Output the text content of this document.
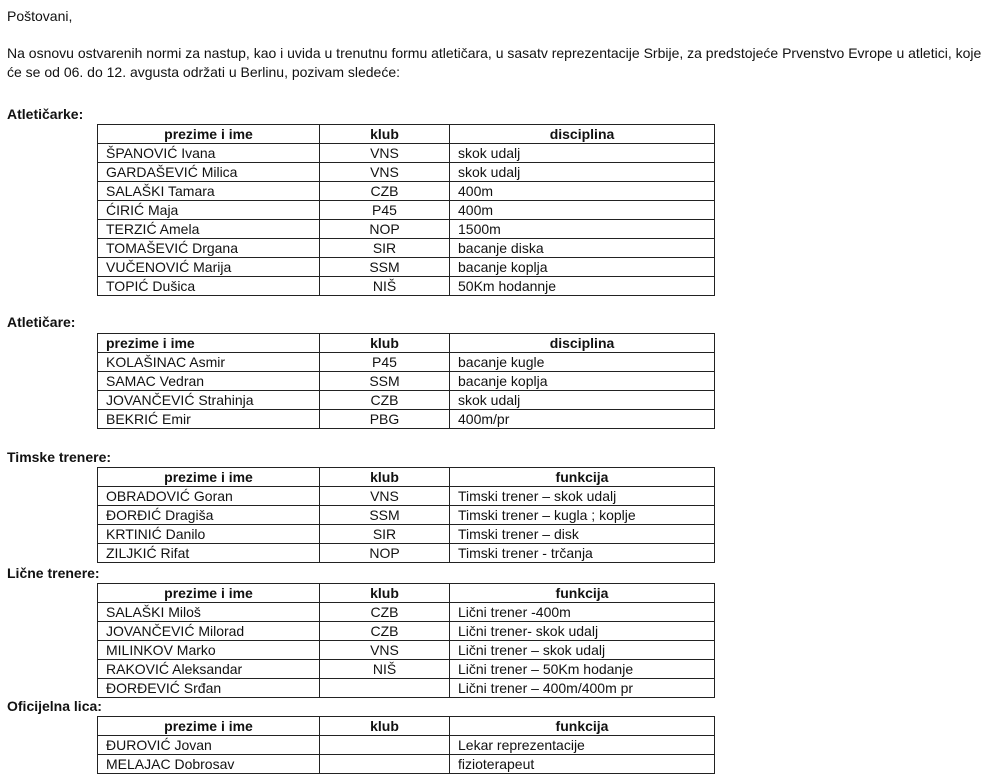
Poštovani,
Na osnovu ostvarenih normi za nastup, kao i uvida u trenutnu formu atletičara, u sasatv reprezentacije Srbije, za predstojeće Prvenstvo Evrope u atletici, koje će se od 06. do 12. avgusta održati u Berlinu, pozivam sledeće:
Atletičarke:
prezime i ime	klub	disciplina
ŠPANOVIĆ Ivana	VNS	skok udalj
GARDAŠEVIĆ Milica	VNS	skok udalj
SALAŠKI Tamara	CZB	400m
ĆIRIĆ Maja	P45	400m
TERZIĆ Amela	NOP	1500m
TOMAŠEVIĆ Drgana	SIR	bacanje diska
VUČENOVIĆ Marija	SSM	bacanje koplja
TOPIĆ Dušica	NIŠ	50Km hodannje
Atletičare:
prezime i ime	klub	disciplina
KOLAŠINAC Asmir	P45	bacanje kugle
SAMAC Vedran	SSM	bacanje koplja
JOVANČEVIĆ Strahinja	CZB	skok udalj
BEKRIĆ Emir	PBG	400m/pr
Timske trenere:
prezime i ime	klub	funkcija
OBRADOVIĆ Goran	VNS	Timski trener – skok udalj
ĐORĐIĆ Dragiša	SSM	Timski trener – kugla ; koplje
KRTINIĆ Danilo	SIR	Timski trener – disk
ZILJKIĆ Rifat	NOP	Timski trener - trčanja
Lične trenere:
prezime i ime	klub	funkcija
SALAŠKI Miloš	CZB	Lični trener -400m
JOVANČEVIĆ Milorad	CZB	Lični trener- skok udalj
MILINKOV Marko	VNS	Lični trener – skok udalj
RAKOVIĆ Aleksandar	NIŠ	Lični trener – 50Km hodanje
ĐORĐEVIĆ Srđan		Lični trener – 400m/400m pr
Oficijelna lica:
prezime i ime	klub	funkcija
ĐUROVIĆ Jovan		Lekar reprezentacije
MELAJAC Dobrosav		fizioterapeut
